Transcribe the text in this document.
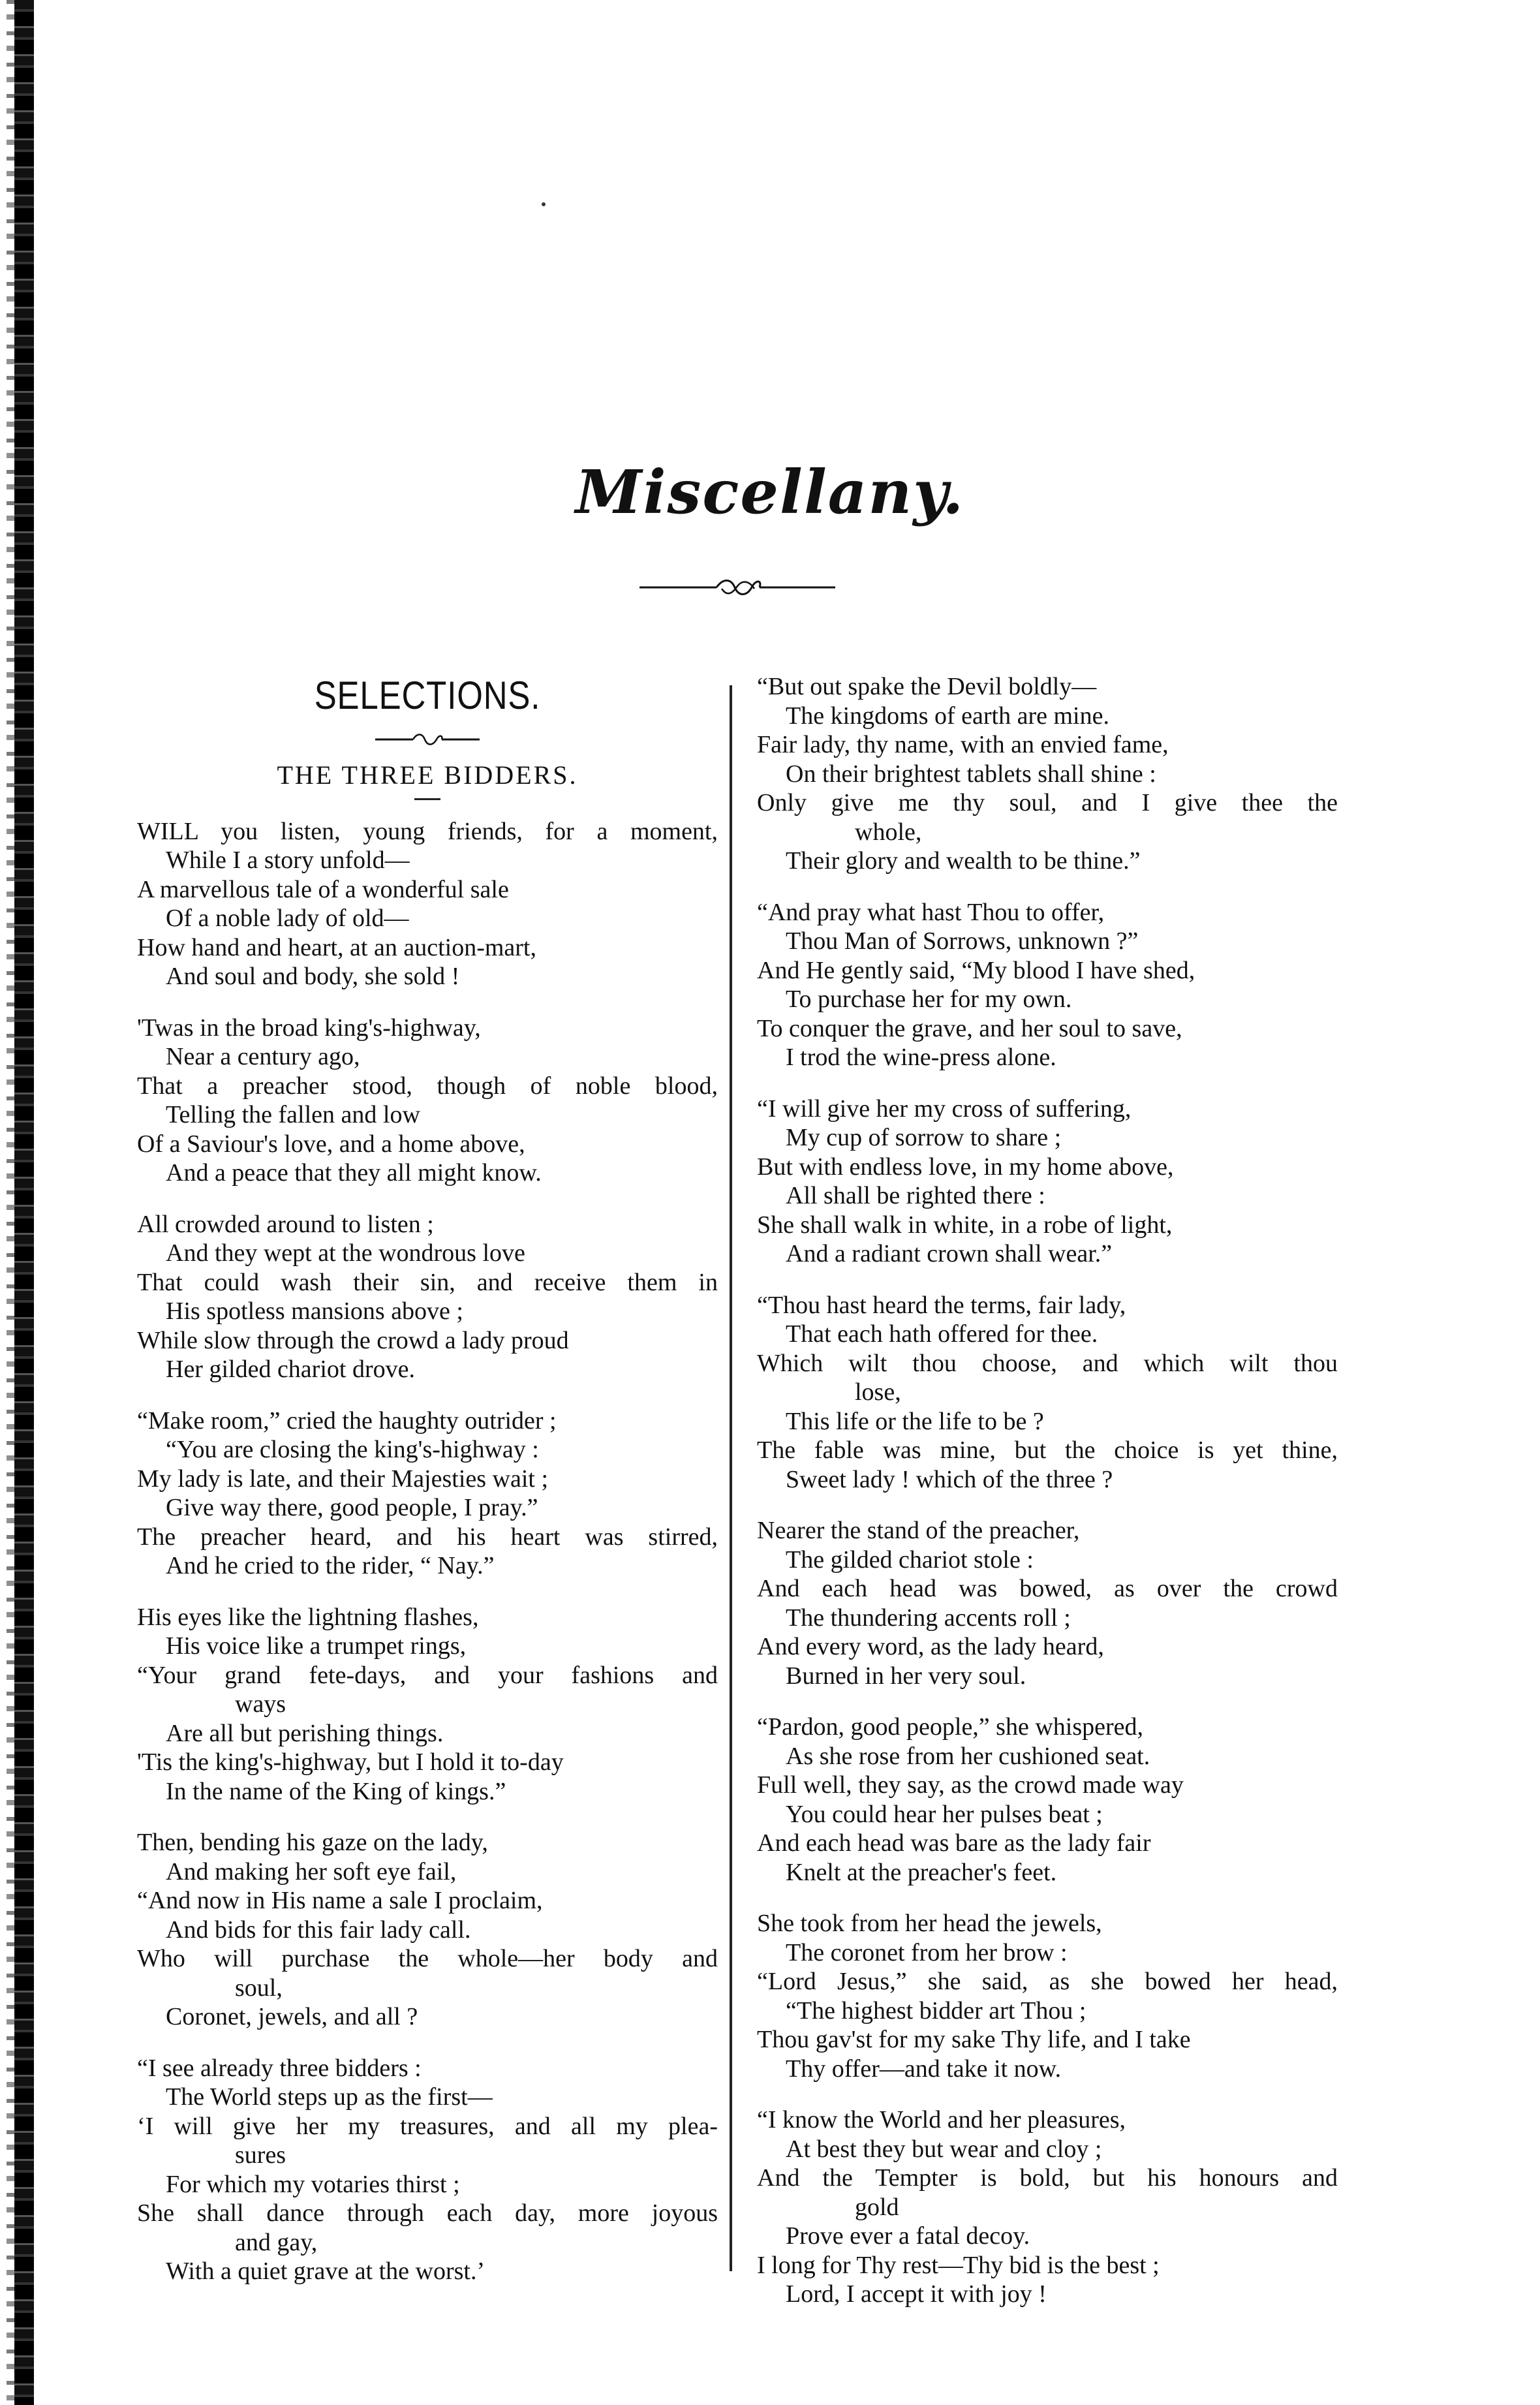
Miscellany.
SELECTIONS.
THE THREE BIDDERS.
WILL you listen, young friends, for a moment,
While I a story unfold—
A marvellous tale of a wonderful sale
Of a noble lady of old—
How hand and heart, at an auction-mart,
And soul and body, she sold !
'Twas in the broad king's-highway,
Near a century ago,
That a preacher stood, though of noble blood,
Telling the fallen and low
Of a Saviour's love, and a home above,
And a peace that they all might know.
All crowded around to listen ;
And they wept at the wondrous love
That could wash their sin, and receive them in
His spotless mansions above ;
While slow through the crowd a lady proud
Her gilded chariot drove.
“Make room,” cried the haughty outrider ;
“You are closing the king's-highway :
My lady is late, and their Majesties wait ;
Give way there, good people, I pray.”
The preacher heard, and his heart was stirred,
And he cried to the rider, “ Nay.”
His eyes like the lightning flashes,
His voice like a trumpet rings,
“Your grand fete-days, and your fashions and
ways
Are all but perishing things.
'Tis the king's-highway, but I hold it to-day
In the name of the King of kings.”
Then, bending his gaze on the lady,
And making her soft eye fail,
“And now in His name a sale I proclaim,
And bids for this fair lady call.
Who will purchase the whole—her body and
soul,
Coronet, jewels, and all ?
“I see already three bidders :
The World steps up as the first—
‘I will give her my treasures, and all my plea-
sures
For which my votaries thirst ;
She shall dance through each day, more joyous
and gay,
With a quiet grave at the worst.’
“But out spake the Devil boldly—
The kingdoms of earth are mine.
Fair lady, thy name, with an envied fame,
On their brightest tablets shall shine :
Only give me thy soul, and I give thee the
whole,
Their glory and wealth to be thine.”
“And pray what hast Thou to offer,
Thou Man of Sorrows, unknown ?”
And He gently said, “My blood I have shed,
To purchase her for my own.
To conquer the grave, and her soul to save,
I trod the wine-press alone.
“I will give her my cross of suffering,
My cup of sorrow to share ;
But with endless love, in my home above,
All shall be righted there :
She shall walk in white, in a robe of light,
And a radiant crown shall wear.”
“Thou hast heard the terms, fair lady,
That each hath offered for thee.
Which wilt thou choose, and which wilt thou
lose,
This life or the life to be ?
The fable was mine, but the choice is yet thine,
Sweet lady ! which of the three ?
Nearer the stand of the preacher,
The gilded chariot stole :
And each head was bowed, as over the crowd
The thundering accents roll ;
And every word, as the lady heard,
Burned in her very soul.
“Pardon, good people,” she whispered,
As she rose from her cushioned seat.
Full well, they say, as the crowd made way
You could hear her pulses beat ;
And each head was bare as the lady fair
Knelt at the preacher's feet.
She took from her head the jewels,
The coronet from her brow :
“Lord Jesus,” she said, as she bowed her head,
“The highest bidder art Thou ;
Thou gav'st for my sake Thy life, and I take
Thy offer—and take it now.
“I know the World and her pleasures,
At best they but wear and cloy ;
And the Tempter is bold, but his honours and
gold
Prove ever a fatal decoy.
I long for Thy rest—Thy bid is the best ;
Lord, I accept it with joy !
